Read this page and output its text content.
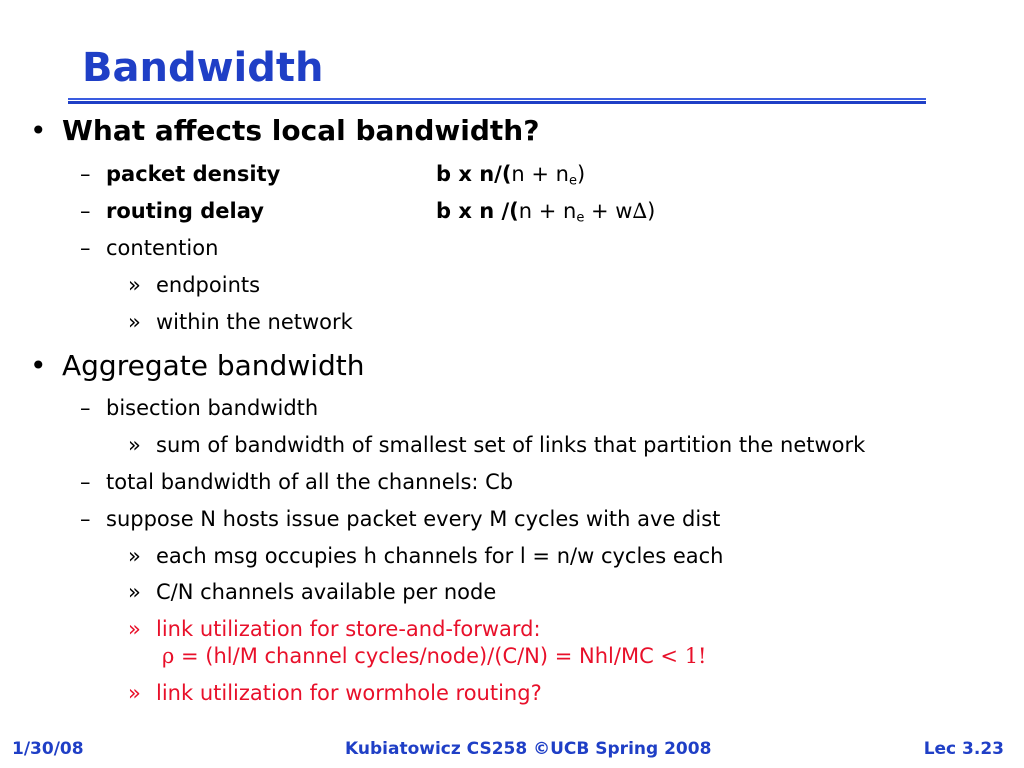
Bandwidth
• What affects local bandwidth?
– packet density	b x $n/(n + n_e)$
– routing delay	b x n $/(n + n_e + w\Delta)$
– contention
» endpoints
» within the network
• Aggregate bandwidth
– bisection bandwidth
» sum of bandwidth of smallest set of links that partition the network
– total bandwidth of all the channels: Cb
– suppose N hosts issue packet every M cycles with ave dist
» each msg occupies h channels for l = n/w cycles each
» C/N channels available per node
» link utilization for store-and-forward:
ρ = (hl/M channel cycles/node)/(C/N) = Nhl/MC < 1!
» link utilization for wormhole routing?
1/30/08	Kubiatowicz CS258 ©UCB Spring 2008	Lec 3.23
